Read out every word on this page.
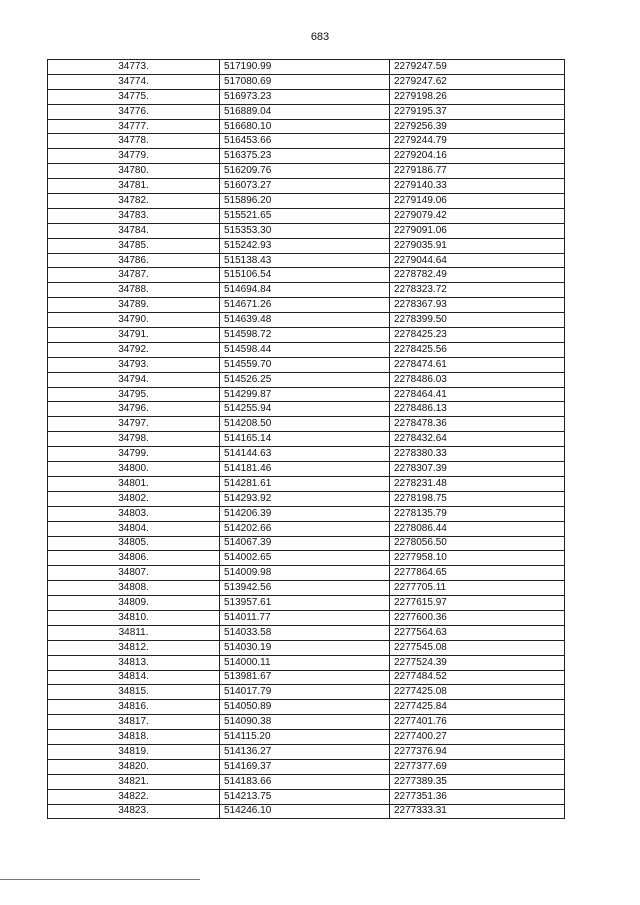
683
34773.	517190.99	2279247.59
34774.	517080.69	2279247.62
34775.	516973.23	2279198.26
34776.	516889.04	2279195.37
34777.	516680.10	2279256.39
34778.	516453.66	2279244.79
34779.	516375.23	2279204.16
34780.	516209.76	2279186.77
34781.	516073.27	2279140.33
34782.	515896.20	2279149.06
34783.	515521.65	2279079.42
34784.	515353.30	2279091.06
34785.	515242.93	2279035.91
34786.	515138.43	2279044.64
34787.	515106.54	2278782.49
34788.	514694.84	2278323.72
34789.	514671.26	2278367.93
34790.	514639.48	2278399.50
34791.	514598.72	2278425.23
34792.	514598.44	2278425.56
34793.	514559.70	2278474.61
34794.	514526.25	2278486.03
34795.	514299.87	2278464.41
34796.	514255.94	2278486.13
34797.	514208.50	2278478.36
34798.	514165.14	2278432.64
34799.	514144.63	2278380.33
34800.	514181.46	2278307.39
34801.	514281.61	2278231.48
34802.	514293.92	2278198.75
34803.	514206.39	2278135.79
34804.	514202.66	2278086.44
34805.	514067.39	2278056.50
34806.	514002.65	2277958.10
34807.	514009.98	2277864.65
34808.	513942.56	2277705.11
34809.	513957.61	2277615.97
34810.	514011.77	2277600.36
34811.	514033.58	2277564.63
34812.	514030.19	2277545.08
34813.	514000.11	2277524.39
34814.	513981.67	2277484.52
34815.	514017.79	2277425.08
34816.	514050.89	2277425.84
34817.	514090.38	2277401.76
34818.	514115.20	2277400.27
34819.	514136.27	2277376.94
34820.	514169.37	2277377.69
34821.	514183.66	2277389.35
34822.	514213.75	2277351.36
34823.	514246.10	2277333.31
